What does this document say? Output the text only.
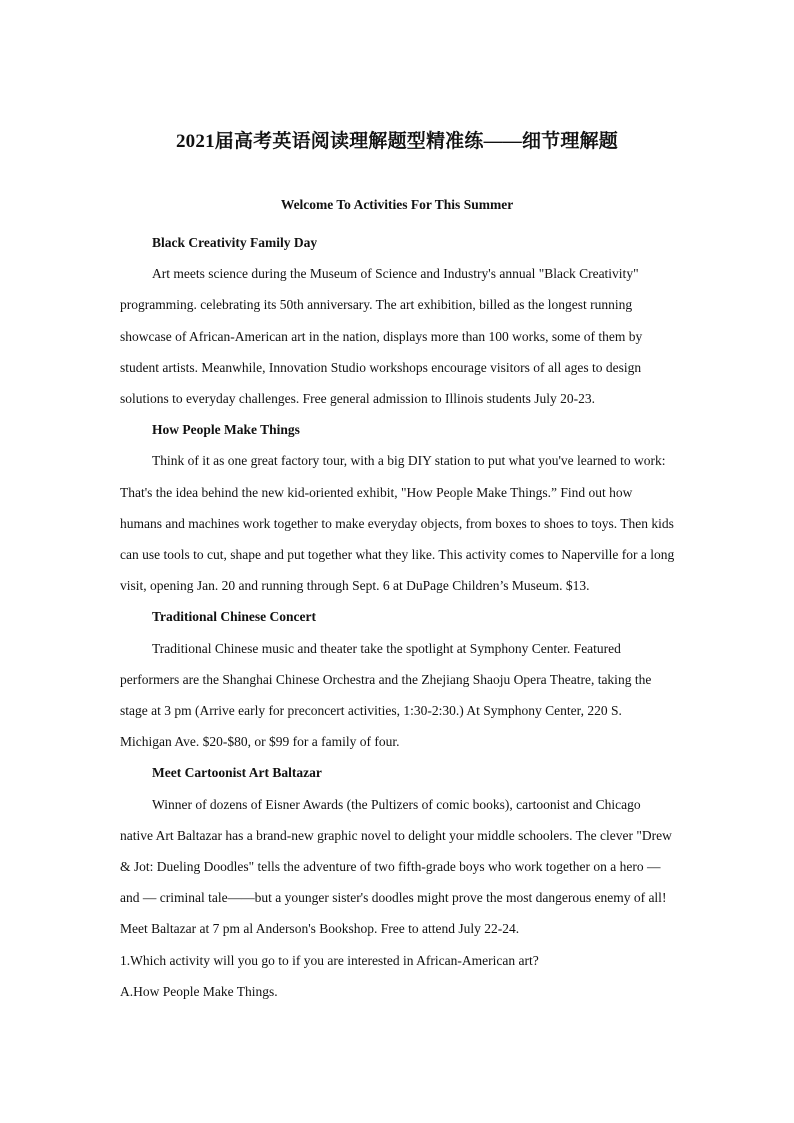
2021届高考英语阅读理解题型精准练——细节理解题
Welcome To Activities For This Summer

Black Creativity Family Day

Art meets science during the Museum of Science and Industry's annual "Black Creativity" programming. celebrating its 50th anniversary. The art exhibition, billed as the longest running showcase of African-American art in the nation, displays more than 100 works, some of them by student artists. Meanwhile, Innovation Studio workshops encourage visitors of all ages to design solutions to everyday challenges. Free general admission to Illinois students July 20-23.

How People Make Things

Think of it as one great factory tour, with a big DIY station to put what you've learned to work: That's the idea behind the new kid-oriented exhibit, "How People Make Things.” Find out how humans and machines work together to make everyday objects, from boxes to shoes to toys. Then kids can use tools to cut, shape and put together what they like. This activity comes to Naperville for a long visit, opening Jan. 20 and running through Sept. 6 at DuPage Children’s Museum. $13.

Traditional Chinese Concert

Traditional Chinese music and theater take the spotlight at Symphony Center. Featured performers are the Shanghai Chinese Orchestra and the Zhejiang Shaoju Opera Theatre, taking the stage at 3 pm (Arrive early for preconcert activities, 1:30-2:30.) At Symphony Center, 220 S. Michigan Ave. $20-$80, or $99 for a family of four.

Meet Cartoonist Art Baltazar

Winner of dozens of Eisner Awards (the Pultizers of comic books), cartoonist and Chicago native Art Baltazar has a brand-new graphic novel to delight your middle schoolers. The clever "Drew & Jot: Dueling Doodles" tells the adventure of two fifth-grade boys who work together on a hero — and — criminal tale——but a younger sister's doodles might prove the most dangerous enemy of all! Meet Baltazar at 7 pm al Anderson's Bookshop. Free to attend July 22-24.

1.Which activity will you go to if you are interested in African-American art?

A.How People Make Things.
